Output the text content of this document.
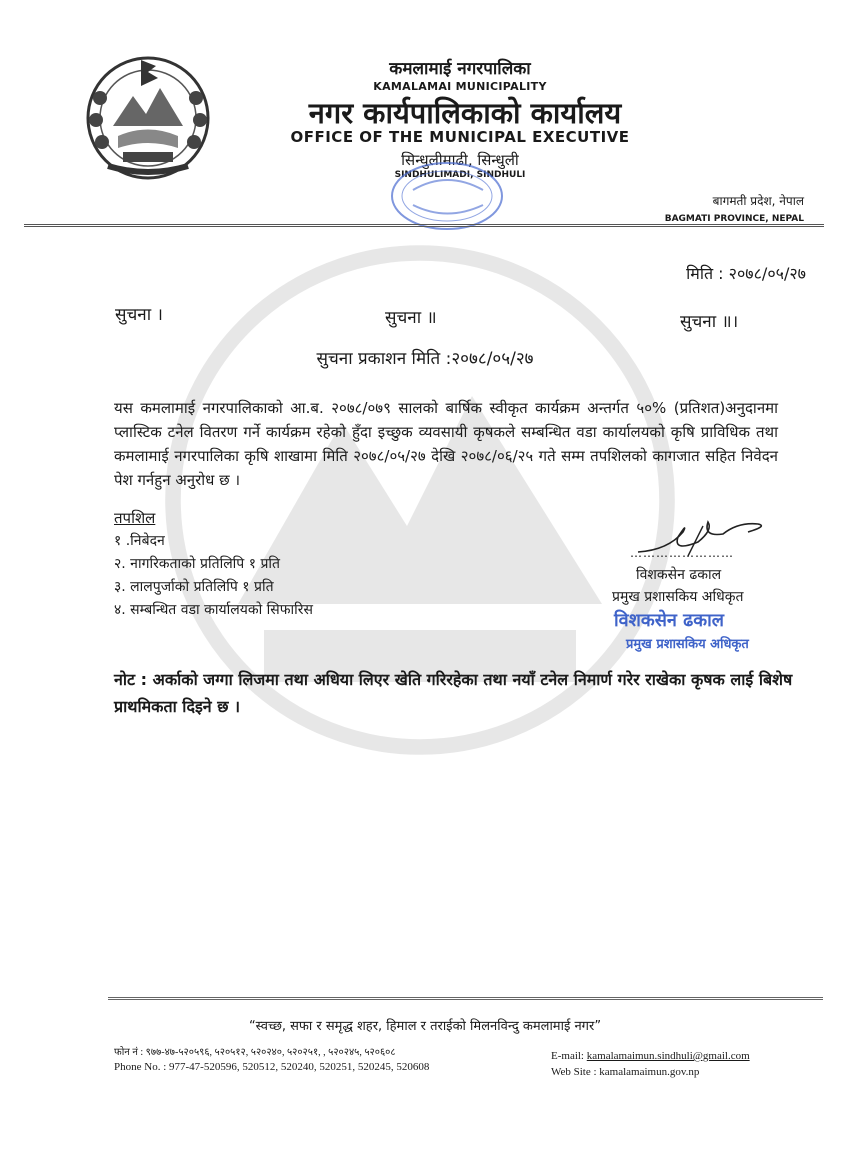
कमलामाई नगरपालिका
KAMALAMAI MUNICIPALITY
नगर कार्यपालिकाको कार्यालय
OFFICE OF THE MUNICIPAL EXECUTIVE
सिन्धुलीमाढी, सिन्धुली
SINDHULIMADI, SINDHULI
बागमती प्रदेश, नेपाल
BAGMATI PROVINCE, NEPAL
मिति : २०७८/०५/२७
सुचना ।	सुचना ॥	सुचना ॥।
सुचना प्रकाशन मिति :२०७८/०५/२७
यस कमलामाई नगरपालिकाको आ.ब. २०७८/०७९ सालको बार्षिक स्वीकृत कार्यक्रम अन्तर्गत ५०% (प्रतिशत)अनुदानमा प्लास्टिक टनेल वितरण गर्ने कार्यक्रम रहेको हुँदा इच्छुक व्यवसायी कृषकले सम्बन्धित वडा कार्यालयको कृषि प्राविधिक तथा कमलामाई नगरपालिका कृषि शाखामा मिति २०७८/०५/२७ देखि २०७८/०६/२५ गते सम्म तपशिलको कागजात सहित निवेदन पेश गर्नहुन अनुरोध छ ।
तपशिल
१ .निबेदन
२. नागरिकताको प्रतिलिपि १ प्रति
३. लालपुर्जाको प्रतिलिपि १ प्रति
४. सम्बन्धित वडा कार्यालयको सिफारिस
……………………
विशकसेन ढकाल
प्रमुख प्रशासकिय अधिकृत
विशकसेन ढकाल
प्रमुख प्रशासकिय अधिकृत
नोट : अर्काको जग्गा लिजमा तथा अधिया लिएर खेति गरिरहेका तथा नयाँ टनेल निमार्ण गरेर राखेका कृषक लाई बिशेष प्राथमिकता दिइने छ ।
“स्वच्छ, सफा र समृद्ध शहर, हिमाल र तराईको मिलनविन्दु कमलामाई नगर”
फोन नं : ९७७-४७-५२०५९६, ५२०५१२, ५२०२४०, ५२०२५१, , ५२०२४५, ५२०६०८
Phone No. : 977-47-520596, 520512, 520240, 520251, 520245, 520608
E-mail: kamalamaimun.sindhuli@gmail.com
Web Site : kamalamaimun.gov.np
